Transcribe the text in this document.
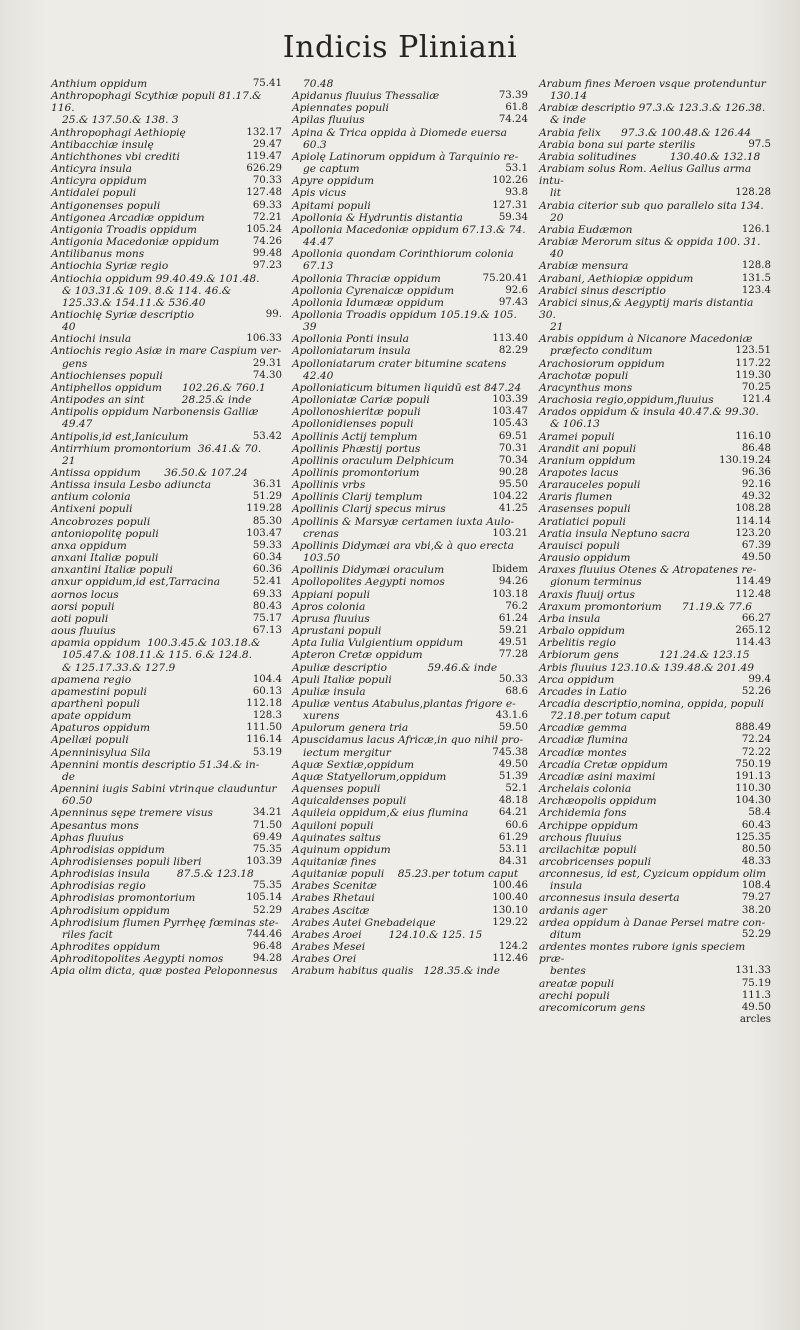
Indicis Pliniani
Anthium oppidum	75.41
Anthropophagi Scythiæ populi 81.17.& 116.
25.& 137.50.& 138. 3
Anthropophagi Aethiopię	132.17
Antibacchiæ insulę	29.47
Antichthones vbi crediti	119.47
Anticyra insula	626.29
Anticyra oppidum	70.33
Antidalei populi	127.48
Antigonenses populi	69.33
Antigonea Arcadiæ oppidum	72.21
Antigonia Troadis oppidum	105.24
Antigonia Macedoniæ oppidum	74.26
Antilibanus mons	99.48
Antiochia Syriæ regio	97.23
Antiochia oppidum 99.40.49.& 101.48.
& 103.31.& 109. 8.& 114. 46.&
125.33.& 154.11.& 536.40
Antiochię Syriæ descriptio	99.
40
Antiochi insula	106.33
Antiochis regio Asiæ in mare Caspium ver-
gens	29.31
Antiochienses populi	74.30
Antiphellos oppidum      102.26.& 760.1
Antipodes an sint           28.25.& inde
Antipolis oppidum Narbonensis Galliæ
49.47
Antipolis,id est,Ianiculum	53.42
Antirrhium promontorium  36.41.& 70.
21
Antissa oppidum       36.50.& 107.24
Antissa insula Lesbo adiuncta	36.31
antium colonia	51.29
Antixeni populi	119.28
Ancobrozes populi	85.30
antoniopolitę populi	103.47
anxa oppidum	59.33
anxani Italiæ populi	60.34
anxantini Italiæ populi	60.36
anxur oppidum,id est,Tarracina	52.41
aornos locus	69.33
aorsi populi	80.43
aoti populi	75.17
aous fluuius	67.13
apamia oppidum  100.3.45.& 103.18.&
105.47.& 108.11.& 115. 6.& 124.8.
& 125.17.33.& 127.9
apamena regio	104.4
apamestini populi	60.13
aparthenì populi	112.18
apate oppidum	128.3
Apaturos oppidum	111.50
Apellæi populi	116.14
Apenninisylua Sila	53.19
Apennini montis descriptio 51.34.& in-
de
Apennini iugis Sabini vtrinque clauduntur
60.50
Apenninus sępe tremere visus	34.21
Apesantus mons	71.50
Aphas fluuius	69.49
Aphrodisias oppidum	75.35
Aphrodisienses populi liberi	103.39
Aphrodisias insula        87.5.& 123.18
Aphrodisias regio	75.35
Aphrodisias promontorium	105.14
Aphrodisium oppidum	52.29
Aphrodisium flumen Pyrrhęę fœminas ste-
riles facit	744.46
Aphrodites oppidum	96.48
Aphroditopolites Aegypti nomos	94.28
Apia olim dicta, quæ postea Peloponnesus
70.48
Apidanus fluuius Thessaliæ	73.39
Apiennates populi	61.8
Apilas fluuius	74.24
Apina & Trica oppida à Diomede euersa
60.3
Apiolę Latinorum oppidum à Tarquinio re-
ge captum	53.1
Apyre oppidum	102.26
Apis vicus	93.8
Apitami populi	127.31
Apollonia & Hydruntis distantia	59.34
Apollonia Macedoniæ oppidum 67.13.& 74.
44.47
Apollonia quondam Corinthiorum colonia
67.13
Apollonia Thraciæ oppidum	75.20.41
Apollonia Cyrenaicæ oppidum	92.6
Apollonia Idumææ oppidum	97.43
Apollonia Troadis oppidum 105.19.& 105.
39
Apollonia Ponti insula	113.40
Apolloniatarum insula	82.29
Apolloniatarum crater bitumine scatens
42.40
Apolloniaticum bitumen liquidū est 847.24
Apolloniatæ Cariæ populi	103.39
Apollonoshieritæ populi	103.47
Apollonidienses populi	105.43
Apollinis Actij templum	69.51
Apollinis Phæstij portus	70.31
Apollinis oraculum Delphicum	70.34
Apollinis promontorium	90.28
Apollinis vrbs	95.50
Apollinis Clarij templum	104.22
Apollinis Clarij specus mirus	41.25
Apollinis & Marsyæ certamen iuxta Aulo-
crenas	103.21
Apollinis Didymæi ara vbi,& à quo erecta
103.50
Apollinis Didymæi oraculum	Ibidem
Apollopolites Aegypti nomos	94.26
Appiani populi	103.18
Apros colonia	76.2
Aprusa fluuius	61.24
Aprustani populi	59.21
Apta Iulia Vulgientium oppidum	49.51
Apteron Cretæ oppidum	77.28
Apuliæ descriptio            59.46.& inde
Apuli Italiæ populi	50.33
Apuliæ insula	68.6
Apuliæ ventus Atabulus,plantas frigore e-
xurens	43.1.6
Apulorum genera tria	59.50
Apuscidamus lacus Africæ,in quo nihil pro-
iectum mergitur	745.38
Aquæ Sextiæ,oppidum	49.50
Aquæ Statyellorum,oppidum	51.39
Aquenses populi	52.1
Aquicaldenses populi	48.18
Aquileia oppidum,& eius flumina	64.21
Aquiloni populi	60.6
Aquinates saltus	61.29
Aquinum oppidum	53.11
Aquitaniæ fines	84.31
Aquitaniæ populi    85.23.per totum caput
Arabes Scenitæ	100.46
Arabes Rhetaui	100.40
Arabes Ascitæ	130.10
Arabes Autei Gnebadeique	129.22
Arabes Aroei        124.10.& 125. 15
Arabes Mesei	124.2
Arabes Orei	112.46
Arabum habitus qualis   128.35.& inde
Arabum fines Meroen vsque protenduntur
130.14
Arabiæ descriptio 97.3.& 123.3.& 126.38.
& inde
Arabia felix      97.3.& 100.48.& 126.44
Arabia bona sui parte sterilis	97.5
Arabia solitudines          130.40.& 132.18
Arabiam solus Rom. Aelius Gallus arma intu-
lit	128.28
Arabia citerior sub quo parallelo sita 134.
20
Arabia Eudæmon	126.1
Arabiæ Merorum situs & oppida 100. 31.
40
Arabiæ mensura	128.8
Arabani, Aethiopiæ oppidum	131.5
Arabici sinus descriptio	123.4
Arabici sinus,& Aegyptij maris distantia 30.
21
Arabis oppidum à Nicanore Macedoniæ
præfecto conditum	123.51
Arachosiorum oppidum	117.22
Arachotæ populi	119.30
Aracynthus mons	70.25
Arachosia regio,oppidum,fluuius	121.4
Arados oppidum & insula 40.47.& 99.30.
& 106.13
Aramei populi	116.10
Arandit ani populi	86.48
Aranium oppidum	130.19.24
Arapotes lacus	96.36
Ararauceles populi	92.16
Araris flumen	49.32
Arasenses populi	108.28
Aratiatici populi	114.14
Aratia insula Neptuno sacra	123.20
Arauisci populi	67.39
Arausio oppidum	49.50
Araxes fluuius Otenes & Atropatenes re-
gionum terminus	114.49
Araxis fluuij ortus	112.48
Araxum promontorium      71.19.& 77.6
Arba insula	66.27
Arbalo oppidum	265.12
Arbelitis regio	114.43
Arbiorum gens            121.24.& 123.15
Arbis fluuius 123.10.& 139.48.& 201.49
Arca oppidum	99.4
Arcades in Latio	52.26
Arcadia descriptio,nomina, oppida, populi
72.18.per totum caput
Arcadiæ gemma	888.49
Arcadiæ flumina	72.24
Arcadiæ montes	72.22
Arcadia Cretæ oppidum	750.19
Arcadiæ asini maximi	191.13
Archelais colonia	110.30
Archæopolis oppidum	104.30
Archidemia fons	58.4
Archippe oppidum	60.43
archous fluuius	125.35
arcilachitæ populi	80.50
arcobricenses populi	48.33
arconnesus, id est, Cyzicum oppidum olim
insula	108.4
arconnesus insula deserta	79.27
ardanis ager	38.20
ardea oppidum à Danae Persei matre con-
ditum	52.29
ardentes montes rubore ignis speciem præ-
bentes	131.33
areatæ populi	75.19
arechi populi	111.3
arecomicorum gens	49.50
arcles
